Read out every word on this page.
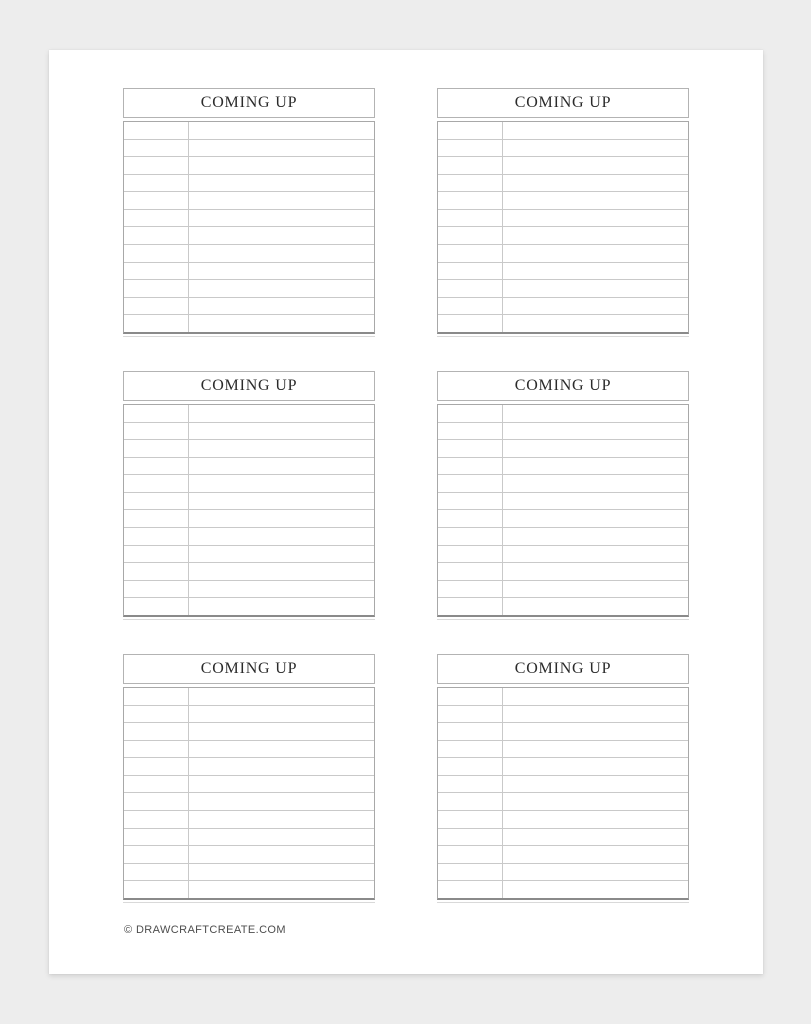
COMING UP	COMING UP
COMING UP	COMING UP
COMING UP	COMING UP
© DRAWCRAFTCREATE.COM
